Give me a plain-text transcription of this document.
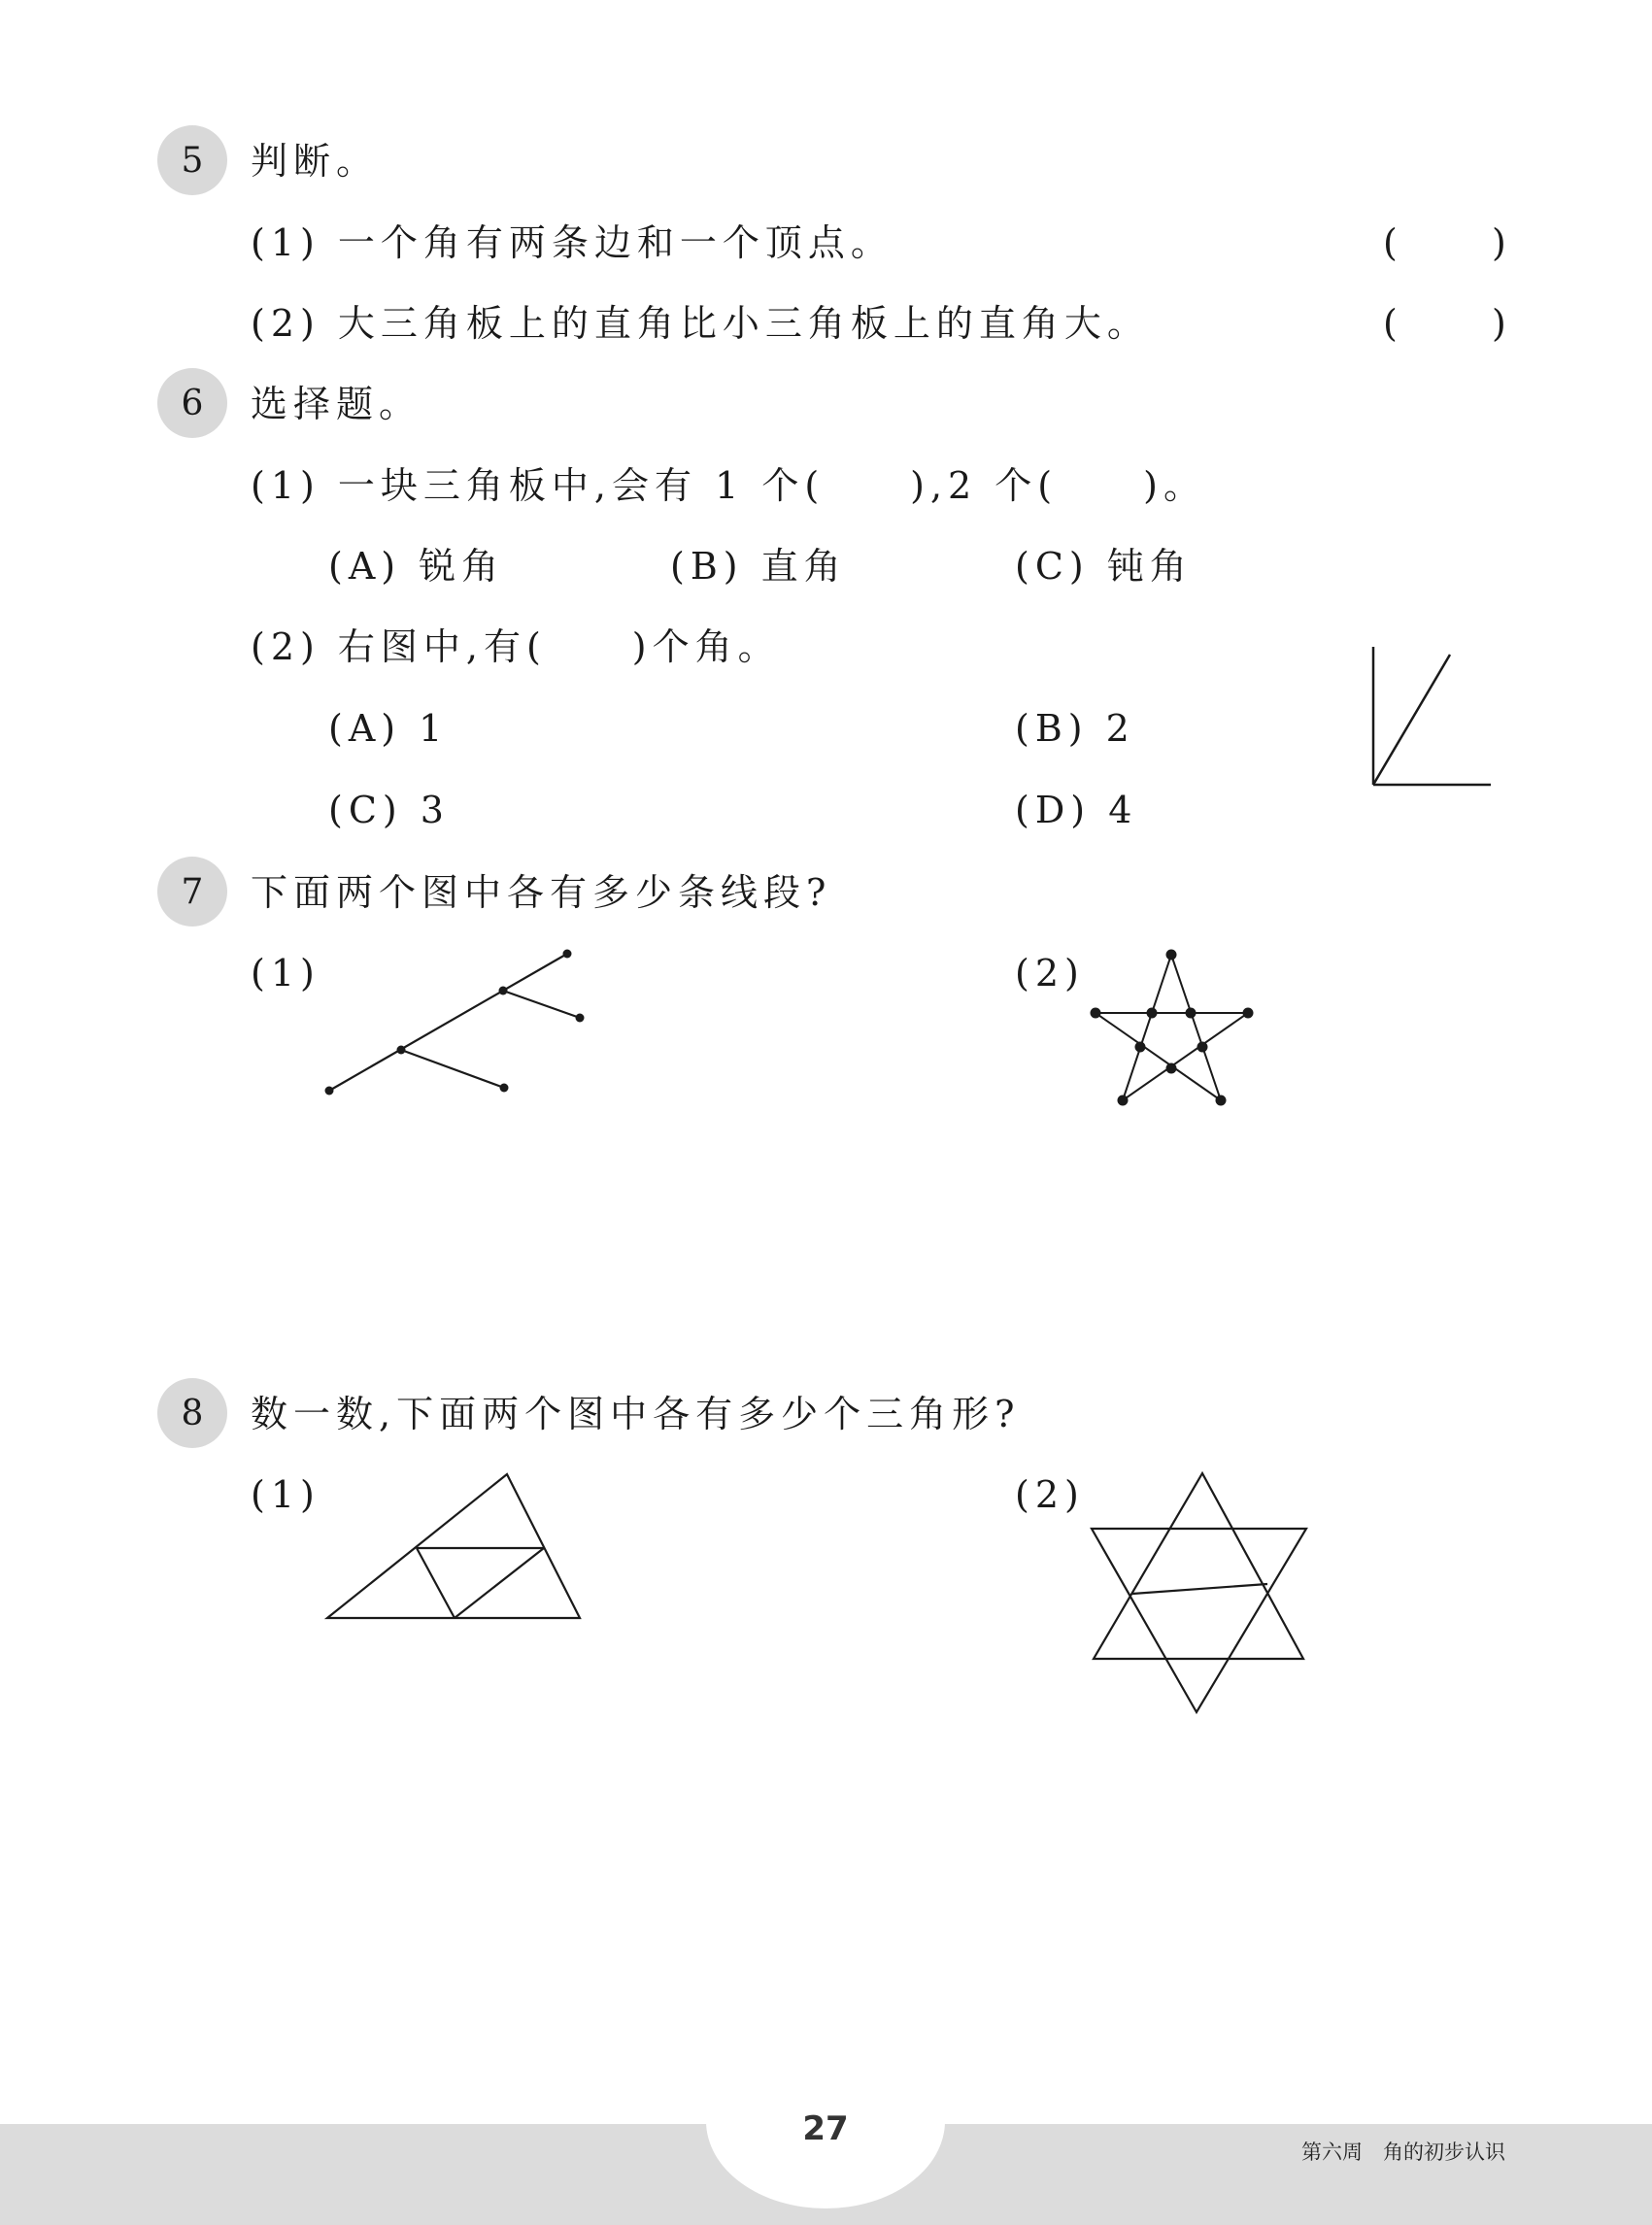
5	判断。
(1) 一个角有两条边和一个顶点。	(	)
(2) 大三角板上的直角比小三角板上的直角大。	(	)
6	选择题。
(1) 一块三角板中,会有 1 个(　　),2 个(　　)。
(A) 锐角	(B) 直角	(C) 钝角
(2) 右图中,有(　　)个角。
(A) 1	(B) 2
(C) 3	(D) 4
7	下面两个图中各有多少条线段?
(1)	(2)
8	数一数,下面两个图中各有多少个三角形?
(1)	(2)
27
第六周　角的初步认识
